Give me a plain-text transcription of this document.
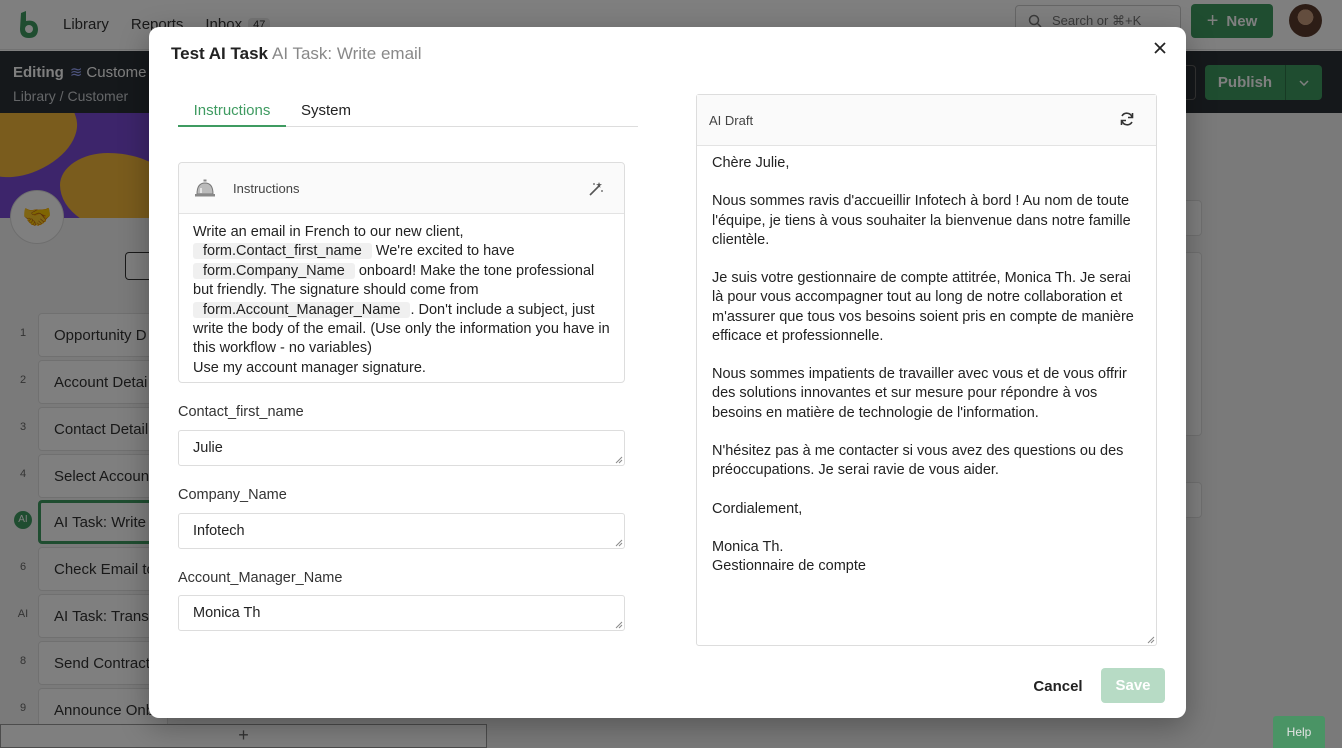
Help
Test AI Task AI Task: Write email
Instructions	System
Instructions
Write an email in French to our new client,
form.Contact_first_name We're excited to have form.Company_Name onboard! Make the tone professional but friendly. The signature should come from form.Account_Manager_Name . Don't include a subject, just write the body of the email. (Use only the information you have in this workflow - no variables)
Use my account manager signature.
Contact_first_name
Julie
Company_Name
Infotech
Account_Manager_Name
Monica Th
AI Draft

Chère Julie,

Nous sommes ravis d'accueillir Infotech à bord ! Au nom de toute l'équipe, je tiens à vous souhaiter la bienvenue dans notre famille clientèle.

Je suis votre gestionnaire de compte attitrée, Monica Th. Je serai là pour vous accompagner tout au long de notre collaboration et m'assurer que tous vos besoins soient pris en compte de manière efficace et professionnelle.

Nous sommes impatients de travailler avec vous et de vous offrir des solutions innovantes et sur mesure pour répondre à vos besoins en matière de technologie de l'information.

N'hésitez pas à me contacter si vous avez des questions ou des préoccupations. Je serai ravie de vous aider.

Cordialement,

Monica Th.
Gestionnaire de compte
Cancel	Save
